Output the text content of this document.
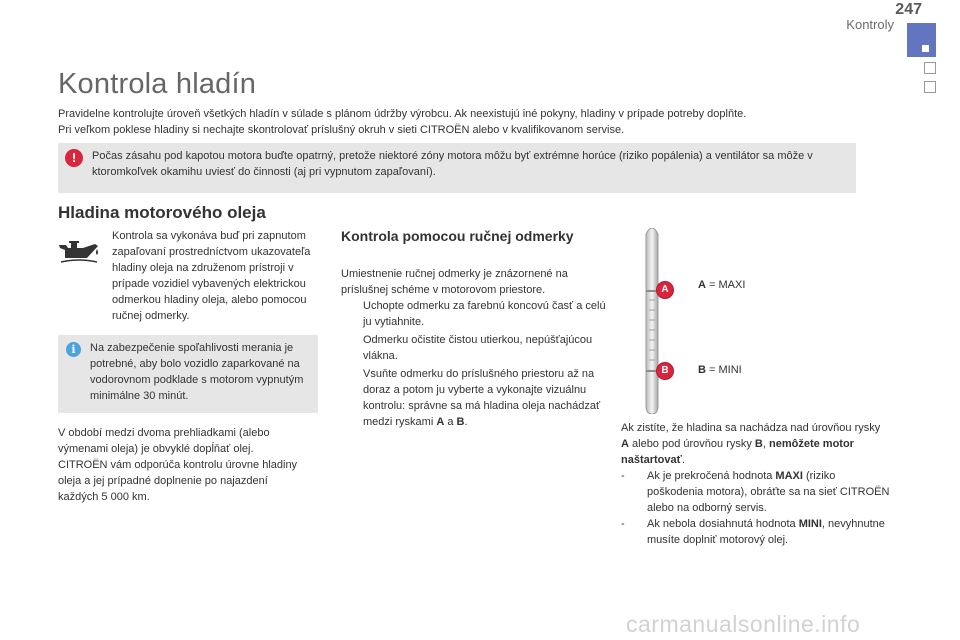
247
Kontroly
Kontrola hladín
Pravidelne kontrolujte úroveň všetkých hladín v súlade s plánom údržby výrobcu. Ak neexistujú iné pokyny, hladiny v prípade potreby doplňte.
Pri veľkom poklese hladiny si nechajte skontrolovať príslušný okruh v sieti CITROËN alebo v kvalifikovanom servise.
!	Počas zásahu pod kapotou motora buďte opatrný, pretože niektoré zóny motora môžu byť extrémne horúce (riziko popálenia) a ventilátor sa môže v ktoromkoľvek okamihu uviesť do činnosti (aj pri vypnutom zapaľovaní).
Hladina motorového oleja
Kontrola sa vykonáva buď pri zapnutom zapaľovaní prostredníctvom ukazovateľa hladiny oleja na združenom prístroji v prípade vozidiel vybavených elektrickou odmerkou hladiny oleja, alebo pomocou ručnej odmerky.
i	Na zabezpečenie spoľahlivosti merania je potrebné, aby bolo vozidlo zaparkované na vodorovnom podklade s motorom vypnutým minimálne 30 minút.
V období medzi dvoma prehliadkami (alebo výmenami oleja) je obvyklé dopĺňať olej. CITROËN vám odporúča kontrolu úrovne hladiny oleja a jej prípadné doplnenie po najazdení každých 5 000 km.
Kontrola pomocou ručnej odmerky
Umiestnenie ručnej odmerky je znázornené na príslušnej schéme v motorovom priestore.
Uchopte odmerku za farebnú koncovú časť a celú ju vytiahnite.
Odmerku očistite čistou utierkou, nepúšťajúcou vlákna.
Vsuňte odmerku do príslušného priestoru až na doraz a potom ju vyberte a vykonajte vizuálnu kontrolu: správne sa má hladina oleja nachádzať medzi ryskami A a B.
A
B
A = MAXI
B = MINI
Ak zistíte, že hladina sa nachádza nad úrovňou rysky A alebo pod úrovňou rysky B, nemôžete motor naštartovať.
- Ak je prekročená hodnota MAXI (riziko poškodenia motora), obráťte sa na sieť CITROËN alebo na odborný servis.
- Ak nebola dosiahnutá hodnota MINI, nevyhnutne musíte doplniť motorový olej.
carmanualsonline.info
